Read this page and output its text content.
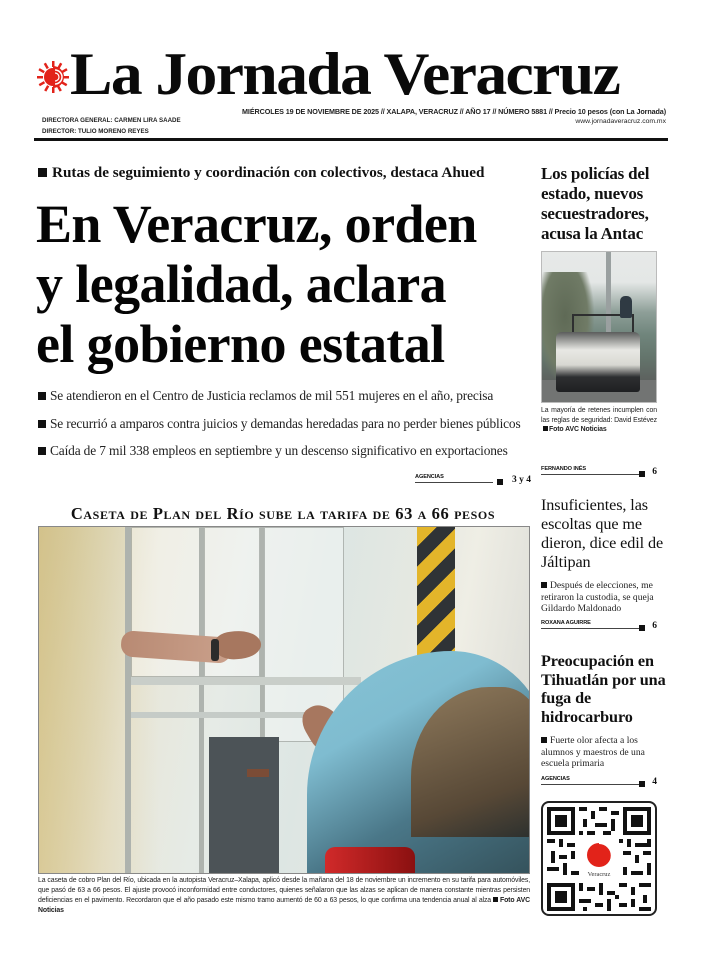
La Jornada Veracruz
DIRECTORA GENERAL: CARMEN LIRA SAADE
DIRECTOR: TULIO MORENO REYES
MIÉRCOLES 19 DE NOVIEMBRE DE 2025 // XALAPA, VERACRUZ // AÑO 17 // NÚMERO 5881 // Precio 10 pesos (con La Jornada)
www.jornadaveracruz.com.mx
Rutas de seguimiento y coordinación con colectivos, destaca Ahued
En Veracruz, orden
y legalidad, aclara
el gobierno estatal
Se atendieron en el Centro de Justicia reclamos de mil 551 mujeres en el año, precisa
Se recurrió a amparos contra juicios y demandas heredadas para no perder bienes públicos
Caída de 7 mil 338 empleos en septiembre y un descenso significativo en exportaciones
AGENCIAS	3 y 4
Caseta de Plan del Río sube la tarifa de 63 a 66 pesos

La caseta de cobro Plan del Río, ubicada en la autopista Veracruz–Xalapa, aplicó desde la mañana del 18 de noviembre un incremento en su tarifa para automóviles, que pasó de 63 a 66 pesos. El ajuste provocó inconformidad entre conductores, quienes señalaron que las alzas se aplican de manera constante mientras persisten deficiencias en el pavimento. Recordaron que el año pasado este mismo tramo aumentó de 60 a 63 pesos, lo que confirma una tendencia anual al alza Foto AVC Noticias

Los policías del estado, nuevos secuestradores, acusa la Antac

La mayoría de retenes incumplen con las reglas de seguridad: David EstévezFoto AVC Noticias

FERNANDO INÉS	6
Insuficientes, las escoltas que me dieron, dice edil de Jáltipan

Después de elecciones, me retiraron la custodia, se queja Gildardo Maldonado

ROXANA AGUIRRE	6
Preocupación en Tihuatlán por una fuga de hidrocarburo

Fuerte olor afecta a los alumnos y maestros de una escuela primaria

AGENCIAS	4
Veracruz
